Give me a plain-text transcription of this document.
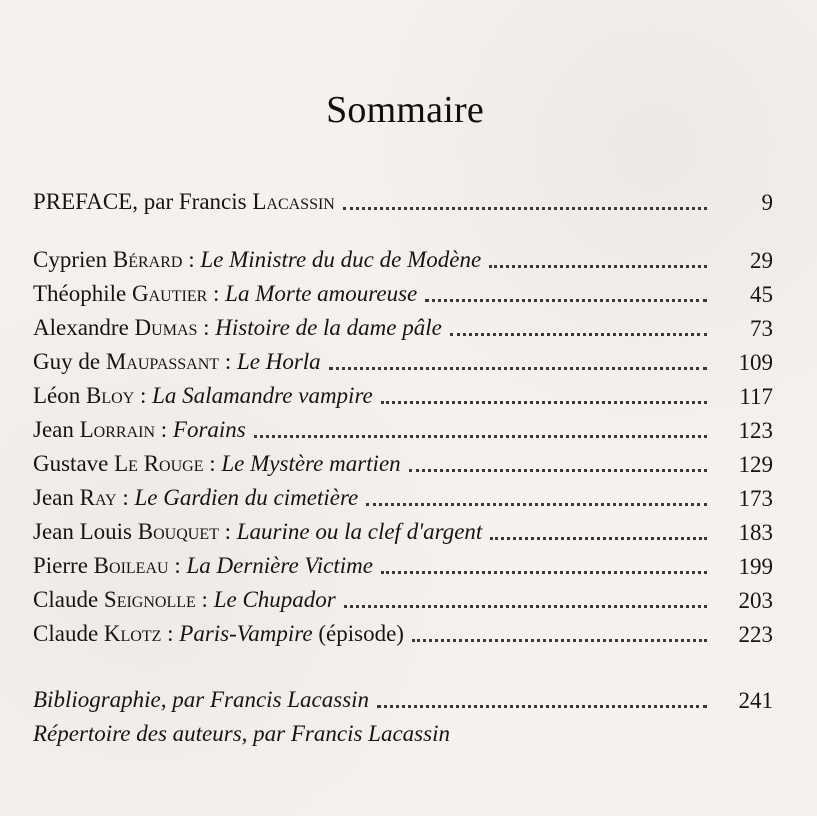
Sommaire
PREFACE, par Francis Lacassin	9
Cyprien Bérard : Le Ministre du duc de Modène	29
Théophile Gautier : La Morte amoureuse	45
Alexandre Dumas : Histoire de la dame pâle	73
Guy de Maupassant : Le Horla	109
Léon Bloy : La Salamandre vampire	117
Jean Lorrain : Forains	123
Gustave Le Rouge : Le Mystère martien	129
Jean Ray : Le Gardien du cimetière	173
Jean Louis Bouquet : Laurine ou la clef d'argent	183
Pierre Boileau : La Dernière Victime	199
Claude Seignolle : Le Chupador	203
Claude Klotz : Paris-Vampire (épisode)	223
Bibliographie, par Francis Lacassin	241
Répertoire des auteurs, par Francis Lacassin
